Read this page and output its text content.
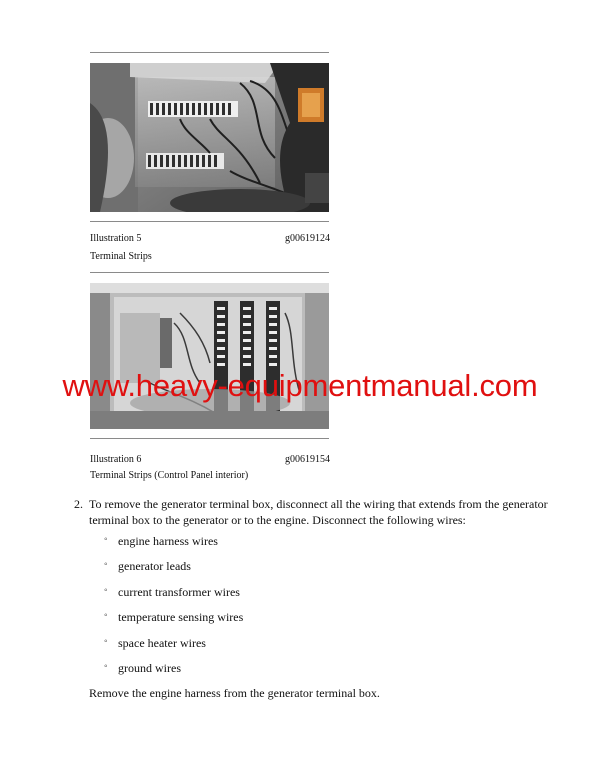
Illustration 5	g00619124
Terminal Strips
Illustration 6	g00619154
Terminal Strips (Control Panel interior)
www.heavy-equipmentmanual.com
2. To remove the generator terminal box, disconnect all the wiring that extends from the generator terminal box to the generator or to the engine. Disconnect the following wires:
◦ engine harness wires
◦ generator leads
◦ current transformer wires
◦ temperature sensing wires
◦ space heater wires
◦ ground wires
Remove the engine harness from the generator terminal box.
